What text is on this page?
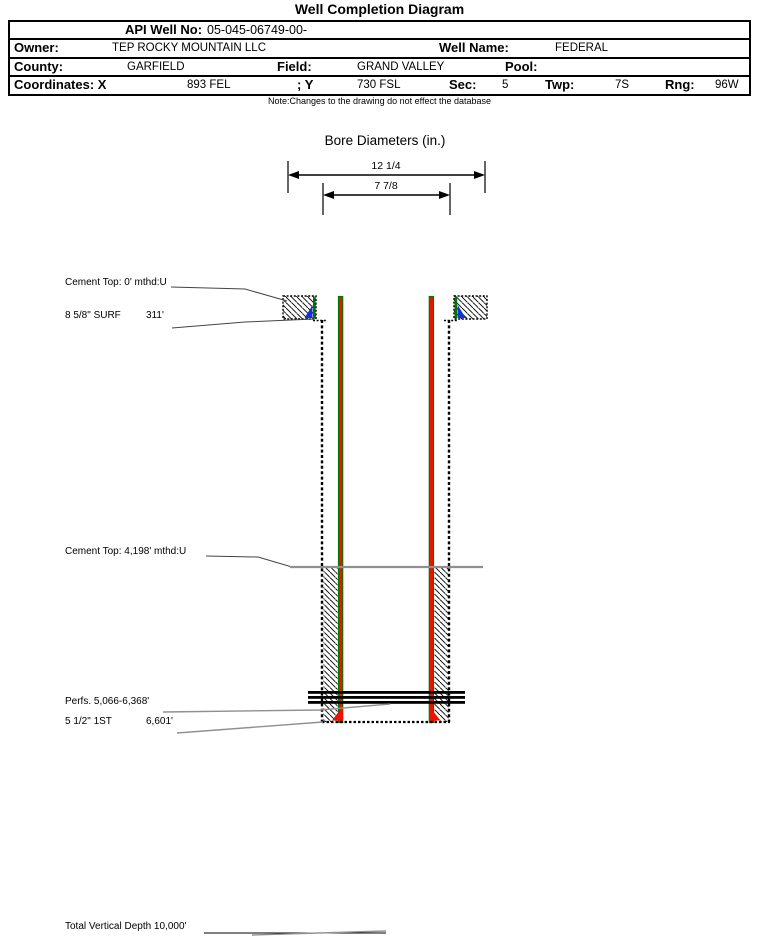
Well Completion Diagram
API Well No: 05-045-06749-00-
Owner:	TEP ROCKY MOUNTAIN LLC	Well Name:	FEDERAL
County:	GARFIELD	Field:	GRAND VALLEY	Pool:
Coordinates: X	893 FEL	; Y	730 FSL	Sec: 5	Twp:	7S	Rng: 96W
Note:Changes to the drawing do not effect the database
Bore Diameters (in.)
12 1/4
7 7/8
Cement Top: 0' mthd:U
8 5/8" SURF	311'
Cement Top: 4,198' mthd:U
Perfs. 5,066-6,368'
5 1/2" 1ST	6,601'
Total Vertical Depth 10,000'
